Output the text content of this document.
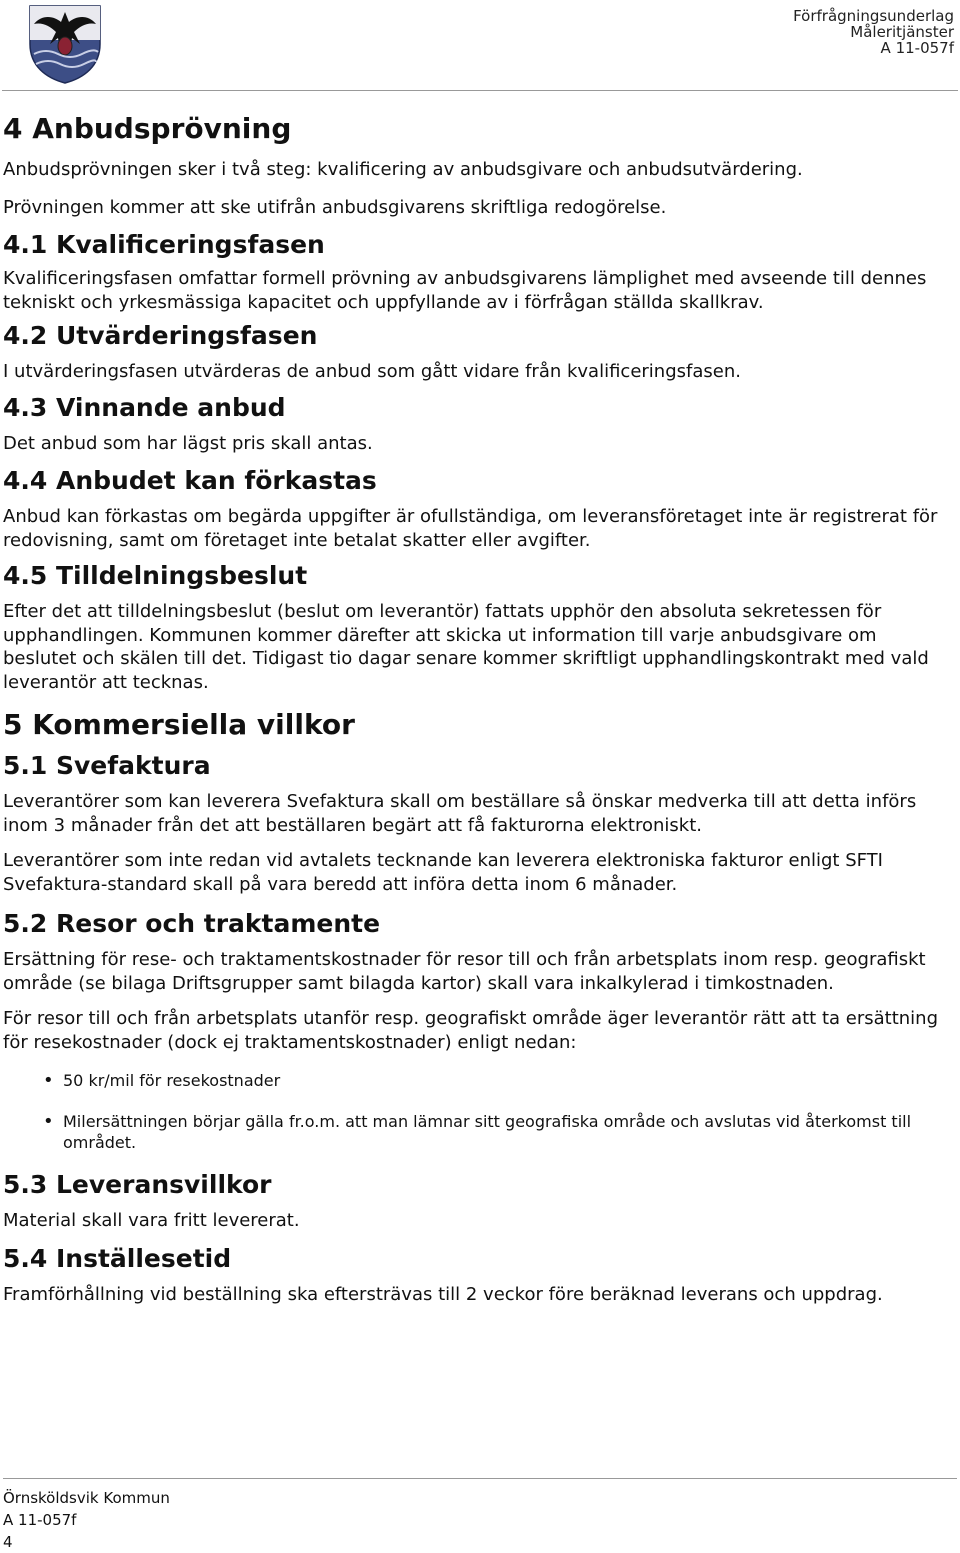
Förfrågningsunderlag
Måleritjänster
A 11-057f
4 Anbudsprövning

Anbudsprövningen sker i två steg: kvalificering av anbudsgivare och anbudsutvärdering.

Prövningen kommer att ske utifrån anbudsgivarens skriftliga redogörelse.

4.1 Kvalificeringsfasen

Kvalificeringsfasen omfattar formell prövning av anbudsgivarens lämplighet med avseende till dennes tekniskt och yrkesmässiga kapacitet och uppfyllande av i förfrågan ställda skallkrav.

4.2 Utvärderingsfasen

I utvärderingsfasen utvärderas de anbud som gått vidare från kvalificeringsfasen.

4.3 Vinnande anbud

Det anbud som har lägst pris skall antas.

4.4 Anbudet kan förkastas

Anbud kan förkastas om begärda uppgifter är ofullständiga, om leveransföretaget inte är registrerat för redovisning, samt om företaget inte betalat skatter eller avgifter.

4.5 Tilldelningsbeslut

Efter det att tilldelningsbeslut (beslut om leverantör) fattats upphör den absoluta sekretessen för upphandlingen. Kommunen kommer därefter att skicka ut information till varje anbudsgivare om beslutet och skälen till det. Tidigast tio dagar senare kommer skriftligt upphandlingskontrakt med vald leverantör att tecknas.

5 Kommersiella villkor
5.1 Svefaktura

Leverantörer som kan leverera Svefaktura skall om beställare så önskar medverka till att detta införs inom 3 månader från det att beställaren begärt att få fakturorna elektroniskt.

Leverantörer som inte redan vid avtalets tecknande kan leverera elektroniska fakturor enligt SFTI Svefaktura-standard skall på vara beredd att införa detta inom 6 månader.

5.2 Resor och traktamente

Ersättning för rese- och traktamentskostnader för resor till och från arbetsplats inom resp. geografiskt område (se bilaga Driftsgrupper samt bilagda kartor) skall vara inkalkylerad i timkostnaden.

För resor till och från arbetsplats utanför resp. geografiskt område äger leverantör rätt att ta ersättning för resekostnader (dock ej traktamentskostnader) enligt nedan:

• 50 kr/mil för resekostnader
• Milersättningen börjar gälla fr.o.m. att man lämnar sitt geografiska område och avslutas vid återkomst till området.
5.3 Leveransvillkor

Material skall vara fritt levererat.

5.4 Inställesetid

Framförhållning vid beställning ska eftersträvas till 2 veckor före beräknad leverans och uppdrag.

Örnsköldsvik Kommun
A 11-057f
4
